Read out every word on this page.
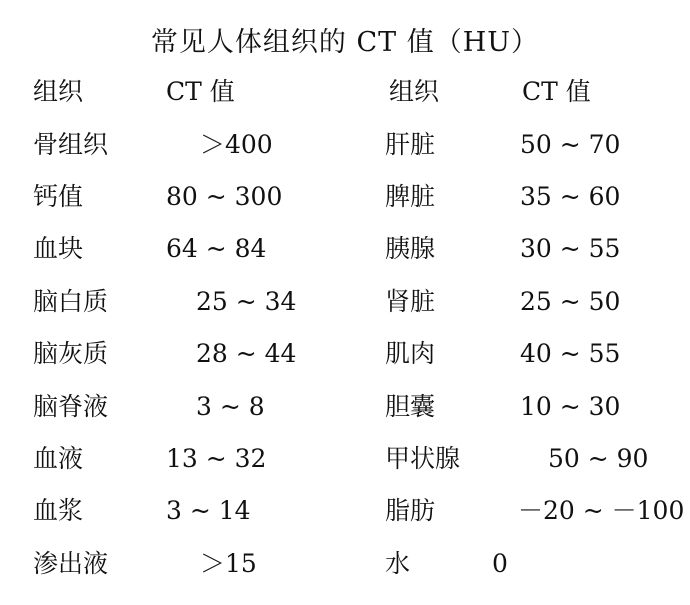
常见人体组织的 CT 值（HU）
组织	CT 值	组织	CT 值
骨组织	＞400	肝脏	50 ~ 70
钙值	80 ~ 300	脾脏	35 ~ 60
血块	64 ~ 84	胰腺	30 ~ 55
脑白质	25 ~ 34	肾脏	25 ~ 50
脑灰质	28 ~ 44	肌肉	40 ~ 55
脑脊液	3 ~ 8	胆囊	10 ~ 30
血液	13 ~ 32	甲状腺	50 ~ 90
血浆	3 ~ 14	脂肪	－20 ~ －100
渗出液	＞15	水	0
